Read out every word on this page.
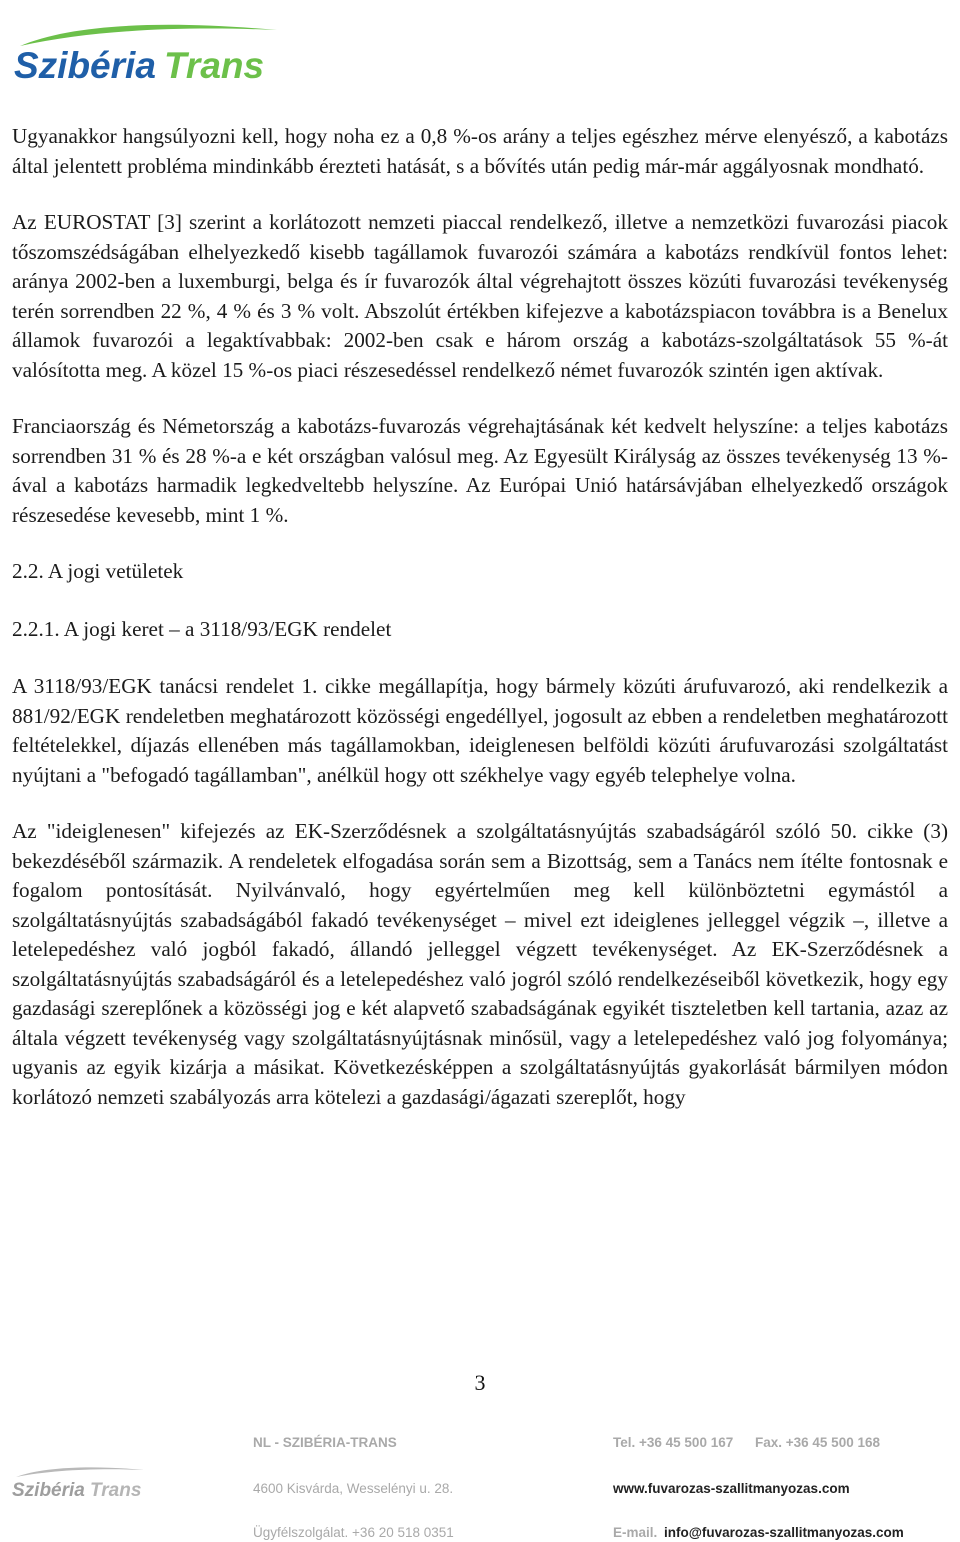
Szibéria Trans

Ugyanakkor hangsúlyozni kell, hogy noha ez a 0,8 %-os arány a teljes egészhez mérve elenyésző, a kabotázs által jelentett probléma mindinkább érezteti hatását, s a bővítés után pedig már-már aggályosnak mondható.

Az EUROSTAT [3] szerint a korlátozott nemzeti piaccal rendelkező, illetve a nemzetközi fuvarozási piacok tőszomszédságában elhelyezkedő kisebb tagállamok fuvarozói számára a kabotázs rendkívül fontos lehet: aránya 2002-ben a luxemburgi, belga és ír fuvarozók által végrehajtott összes közúti fuvarozási tevékenység terén sorrendben 22 %, 4 % és 3 % volt. Abszolút értékben kifejezve a kabotázspiacon továbbra is a Benelux államok fuvarozói a legaktívabbak: 2002-ben csak e három ország a kabotázs-szolgáltatások 55 %-át valósította meg. A közel 15 %-os piaci részesedéssel rendelkező német fuvarozók szintén igen aktívak.

Franciaország és Németország a kabotázs-fuvarozás végrehajtásának két kedvelt helyszíne: a teljes kabotázs sorrendben 31 % és 28 %-a e két országban valósul meg. Az Egyesült Királyság az összes tevékenység 13 %-ával a kabotázs harmadik legkedveltebb helyszíne. Az Európai Unió határsávjában elhelyezkedő országok részesedése kevesebb, mint 1 %.

2.2. A jogi vetületek

2.2.1. A jogi keret – a 3118/93/EGK rendelet

A 3118/93/EGK tanácsi rendelet 1. cikke megállapítja, hogy bármely közúti árufuvarozó, aki rendelkezik a 881/92/EGK rendeletben meghatározott közösségi engedéllyel, jogosult az ebben a rendeletben meghatározott feltételekkel, díjazás ellenében más tagállamokban, ideiglenesen belföldi közúti árufuvarozási szolgáltatást nyújtani a "befogadó tagállamban", anélkül hogy ott székhelye vagy egyéb telephelye volna.

Az "ideiglenesen" kifejezés az EK-Szerződésnek a szolgáltatásnyújtás szabadságáról szóló 50. cikke (3) bekezdéséből származik. A rendeletek elfogadása során sem a Bizottság, sem a Tanács nem ítélte fontosnak e fogalom pontosítását. Nyilvánvaló, hogy egyértelműen meg kell különböztetni egymástól a szolgáltatásnyújtás szabadságából fakadó tevékenységet – mivel ezt ideiglenes jelleggel végzik –, illetve a letelepedéshez való jogból fakadó, állandó jelleggel végzett tevékenységet. Az EK-Szerződésnek a szolgáltatásnyújtás szabadságáról és a letelepedéshez való jogról szóló rendelkezéseiből következik, hogy egy gazdasági szereplőnek a közösségi jog e két alapvető szabadságának egyikét tiszteletben kell tartania, azaz az általa végzett tevékenység vagy szolgáltatásnyújtásnak minősül, vagy a letelepedéshez való jog folyománya; ugyanis az egyik kizárja a másikat. Következésképpen a szolgáltatásnyújtás gyakorlását bármilyen módon korlátozó nemzeti szabályozás arra kötelezi a gazdasági/ágazati szereplőt, hogy

3
NL - SZIBÉRIA-TRANS	Tel. +36 45 500 167 Fax. +36 45 500 168
Szibéria Trans	4600 Kisvárda, Wesselényi u. 28.	www.fuvarozas-szallitmanyozas.com
Ügyfélszolgálat. +36 20 518 0351	E-mail. info@fuvarozas-szallitmanyozas.com
